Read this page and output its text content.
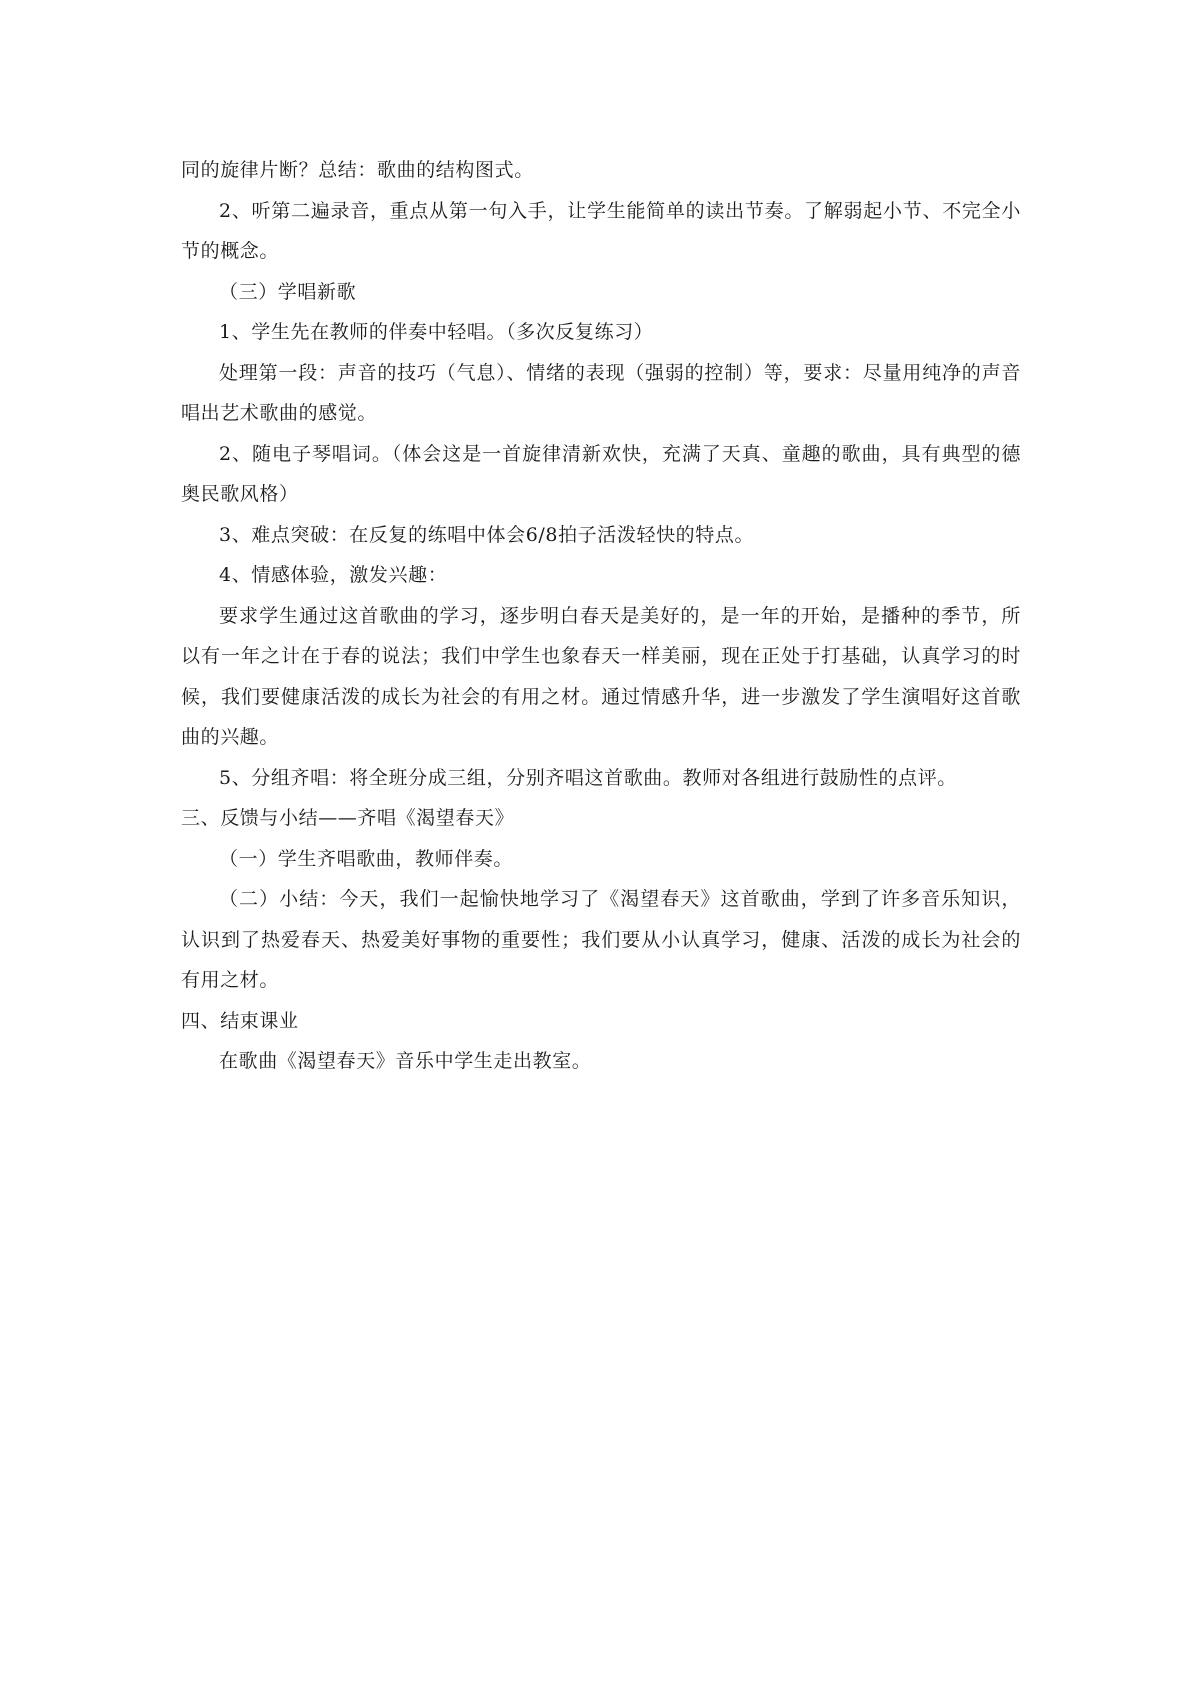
同的旋律片断？总结：歌曲的结构图式。

2、听第二遍录音，重点从第一句入手，让学生能简单的读出节奏。了解弱起小节、不完全小节的概念。

（三）学唱新歌

1、学生先在教师的伴奏中轻唱。（多次反复练习）

处理第一段：声音的技巧（气息）、情绪的表现（强弱的控制）等，要求：尽量用纯净的声音唱出艺术歌曲的感觉。

2、随电子琴唱词。（体会这是一首旋律清新欢快，充满了天真、童趣的歌曲，具有典型的德奥民歌风格）

3、难点突破：在反复的练唱中体会6/8拍子活泼轻快的特点。

4、情感体验，激发兴趣：

要求学生通过这首歌曲的学习，逐步明白春天是美好的，是一年的开始，是播种的季节，所以有一年之计在于春的说法；我们中学生也象春天一样美丽，现在正处于打基础，认真学习的时候，我们要健康活泼的成长为社会的有用之材。通过情感升华，进一步激发了学生演唱好这首歌曲的兴趣。

5、分组齐唱：将全班分成三组，分别齐唱这首歌曲。教师对各组进行鼓励性的点评。

三、反馈与小结——齐唱《渴望春天》

（一）学生齐唱歌曲，教师伴奏。

（二）小结：今天，我们一起愉快地学习了《渴望春天》这首歌曲，学到了许多音乐知识，认识到了热爱春天、热爱美好事物的重要性；我们要从小认真学习，健康、活泼的成长为社会的有用之材。

四、结束课业

在歌曲《渴望春天》音乐中学生走出教室。
